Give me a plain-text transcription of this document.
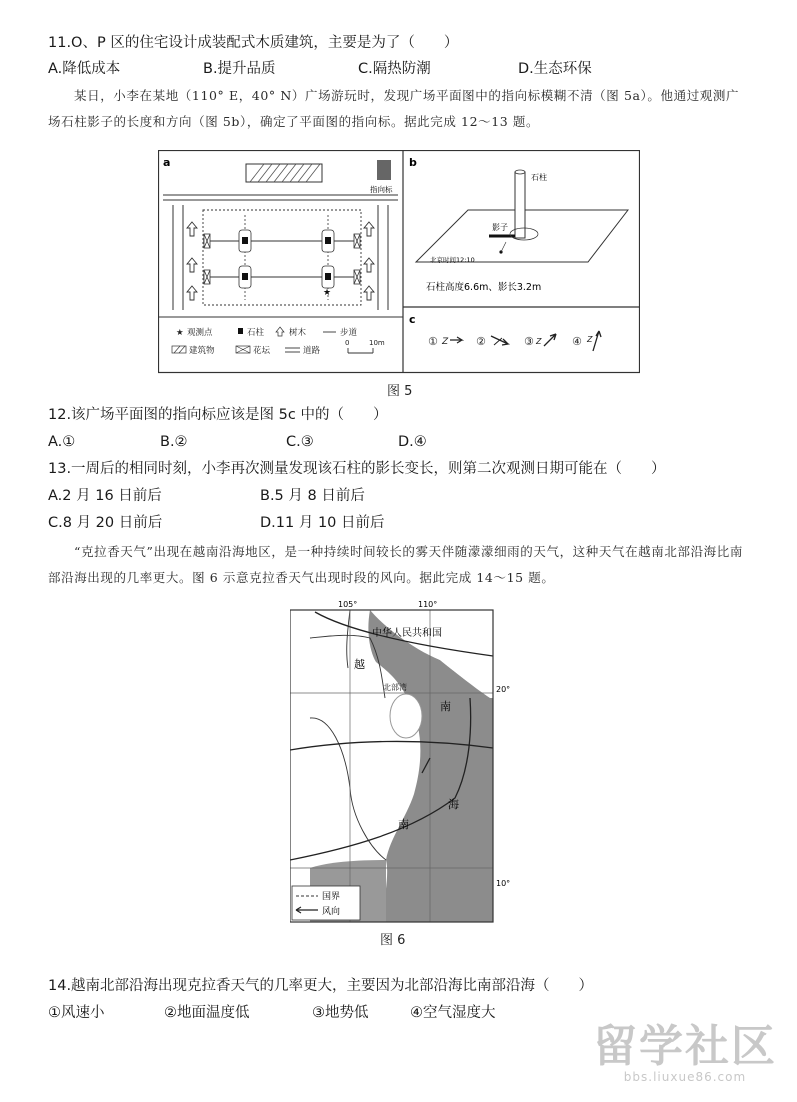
11.O、P 区的住宅设计成装配式木质建筑，主要是为了（　　）
A.降低成本	B.提升品质	C.隔热防潮	D.生态环保
某日，小李在某地（110° E，40° N）广场游玩时，发现广场平面图中的指向标模糊不清（图 5a）。他通过观测广场石柱影子的长度和方向（图 5b），确定了平面图的指向标。据此完成 12～13 题。
a
指向标
★
★ 观测点	石柱	树木	步道
建筑物	花坛	道路
0	10m
b
石柱
影子
北京时间12:10
石柱高度6.6m、影长3.2m
c
① Z	②	③ Z	④ Z
图 5
12.该广场平面图的指向标应该是图 5c 中的（　　）
A.①	B.②	C.③	D.④
13.一周后的相同时刻，小李再次测量发现该石柱的影长变长，则第二次观测日期可能在（　　）
A.2 月 16 日前后	B.5 月 8 日前后
C.8 月 20 日前后	D.11 月 10 日前后
“克拉香天气”出现在越南沿海地区，是一种持续时间较长的雾天伴随濛濛细雨的天气，这种天气在越南北部沿海比南部沿海出现的几率更大。图 6 示意克拉香天气出现时段的风向。据此完成 14～15 题。
105°	110°
20°
10°
中华人民共和国
越
北部湾
南
海
南
国界
风向
图 6
14.越南北部沿海出现克拉香天气的几率更大，主要因为北部沿海比南部沿海（　　）
①风速小	②地面温度低	③地势低	④空气湿度大
留学社区
bbs.liuxue86.com
